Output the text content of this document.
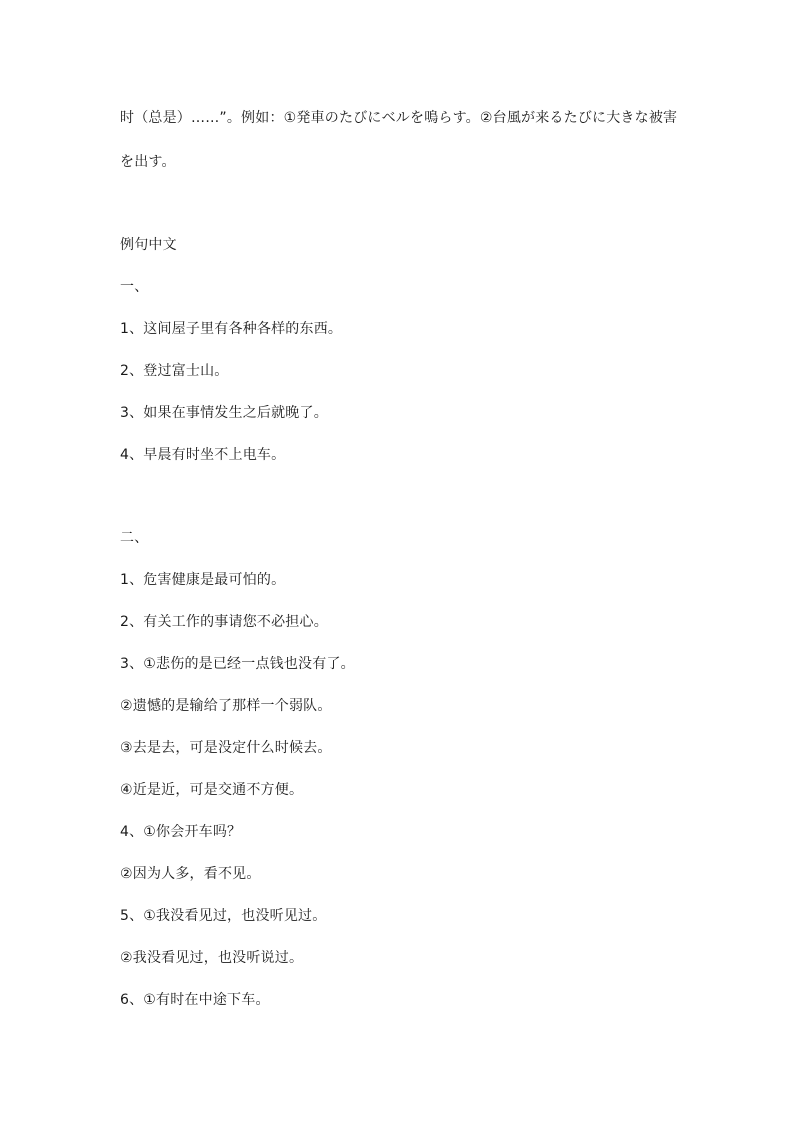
时（总是）……”。例如：①発車のたびにベルを鳴らす。②台風が来るたびに大きな被害
を出す。
例句中文
一、
1、这间屋子里有各种各样的东西。
2、登过富士山。
3、如果在事情发生之后就晚了。
4、早晨有时坐不上电车。
二、
1、危害健康是最可怕的。
2、有关工作的事请您不必担心。
3、①悲伤的是已经一点钱也没有了。
②遗憾的是输给了那样一个弱队。
③去是去，可是没定什么时候去。
④近是近，可是交通不方便。
4、①你会开车吗？
②因为人多，看不见。
5、①我没看见过，也没听见过。
②我没看见过，也没听说过。
6、①有时在中途下车。
